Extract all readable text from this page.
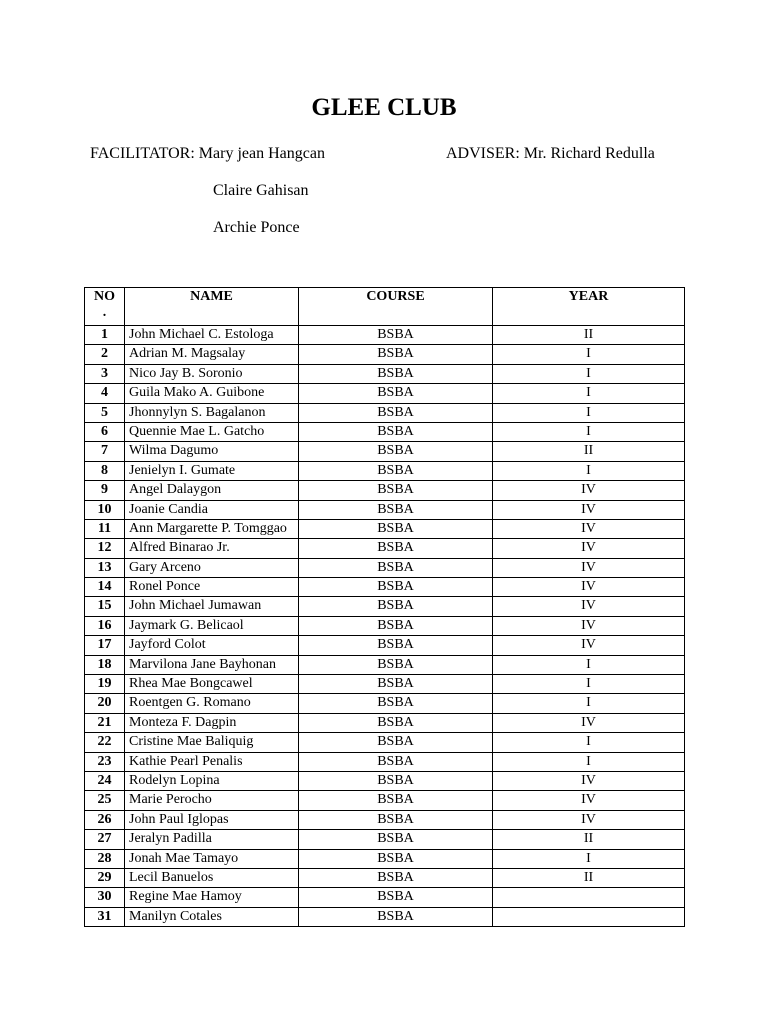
GLEE CLUB

FACILITATOR: Mary jean Hangcan	ADVISER: Mr. Richard Redulla

Claire Gahisan

Archie Ponce

NO
.	NAME	COURSE	YEAR
1	John Michael C. Estologa	BSBA	II
2	Adrian M. Magsalay	BSBA	I
3	Nico Jay B. Soronio	BSBA	I
4	Guila Mako A. Guibone	BSBA	I
5	Jhonnylyn S. Bagalanon	BSBA	I
6	Quennie Mae L. Gatcho	BSBA	I
7	Wilma Dagumo	BSBA	II
8	Jenielyn I. Gumate	BSBA	I
9	Angel Dalaygon	BSBA	IV
10	Joanie Candia	BSBA	IV
11	Ann Margarette P. Tomggao	BSBA	IV
12	Alfred Binarao Jr.	BSBA	IV
13	Gary Arceno	BSBA	IV
14	Ronel Ponce	BSBA	IV
15	John Michael Jumawan	BSBA	IV
16	Jaymark G. Belicaol	BSBA	IV
17	Jayford Colot	BSBA	IV
18	Marvilona Jane Bayhonan	BSBA	I
19	Rhea Mae Bongcawel	BSBA	I
20	Roentgen G. Romano	BSBA	I
21	Monteza F. Dagpin	BSBA	IV
22	Cristine Mae Baliquig	BSBA	I
23	Kathie Pearl Penalis	BSBA	I
24	Rodelyn Lopina	BSBA	IV
25	Marie Perocho	BSBA	IV
26	John Paul Iglopas	BSBA	IV
27	Jeralyn Padilla	BSBA	II
28	Jonah Mae Tamayo	BSBA	I
29	Lecil Banuelos	BSBA	II
30	Regine Mae Hamoy	BSBA	
31	Manilyn Cotales	BSBA	
